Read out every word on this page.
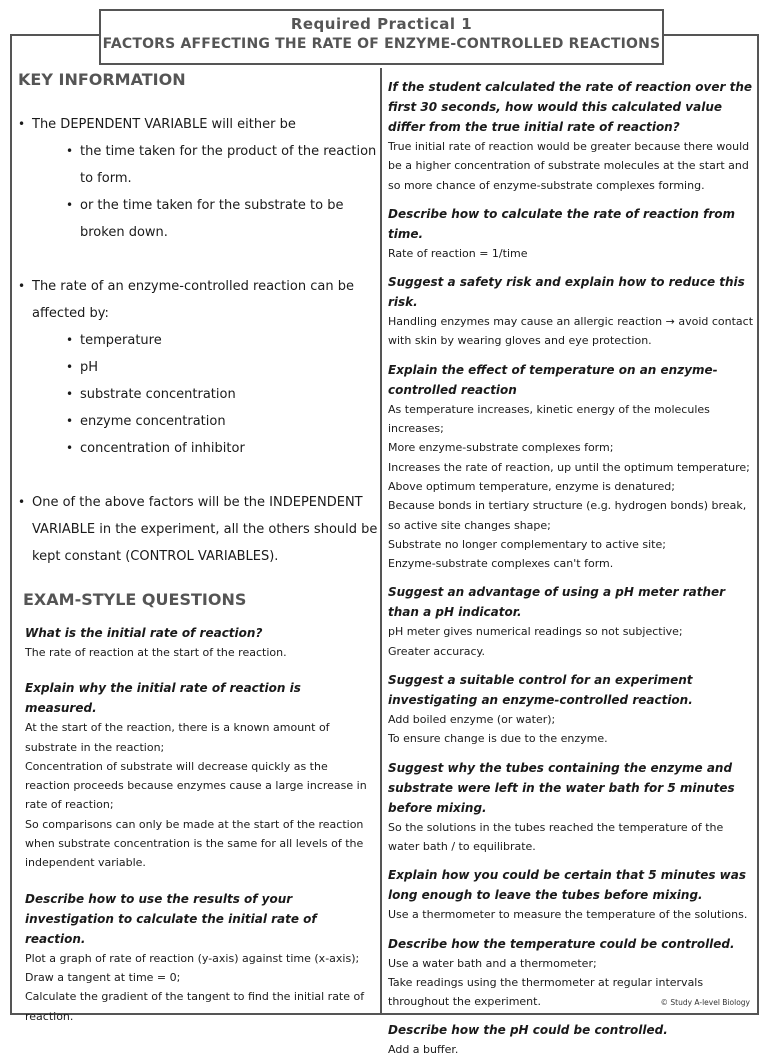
Required Practical 1
FACTORS AFFECTING THE RATE OF ENZYME-CONTROLLED REACTIONS
KEY INFORMATION
• The DEPENDENT VARIABLE will either be
• the time taken for the product of the reaction to form.
• or the time taken for the substrate to be broken down.
• The rate of an enzyme-controlled reaction can be affected by:
• temperature
• pH
• substrate concentration
• enzyme concentration
• concentration of inhibitor
• One of the above factors will be the INDEPENDENT VARIABLE in the experiment, all the others should be kept constant (CONTROL VARIABLES).
EXAM-STYLE QUESTIONS
What is the initial rate of reaction?
The rate of reaction at the start of the reaction.
Explain why the initial rate of reaction is measured.
At the start of the reaction, there is a known amount of substrate in the reaction;
Concentration of substrate will decrease quickly as the reaction proceeds because enzymes cause a large increase in rate of reaction;
So comparisons can only be made at the start of the reaction when substrate concentration is the same for all levels of the independent variable.
Describe how to use the results of your investigation to calculate the initial rate of reaction.
Plot a graph of rate of reaction (y-axis) against time (x-axis);
Draw a tangent at time = 0;
Calculate the gradient of the tangent to find the initial rate of reaction.
If the student calculated the rate of reaction over the first 30 seconds, how would this calculated value differ from the true initial rate of reaction?
True initial rate of reaction would be greater because there would be a higher concentration of substrate molecules at the start and so more chance of enzyme-substrate complexes forming.
Describe how to calculate the rate of reaction from time.
Rate of reaction = 1/time
Suggest a safety risk and explain how to reduce this risk.
Handling enzymes may cause an allergic reaction → avoid contact with skin by wearing gloves and eye protection.
Explain the effect of temperature on an enzyme-controlled reaction
As temperature increases, kinetic energy of the molecules increases;
More enzyme-substrate complexes form;
Increases the rate of reaction, up until the optimum temperature;
Above optimum temperature, enzyme is denatured;
Because bonds in tertiary structure (e.g. hydrogen bonds) break, so active site changes shape;
Substrate no longer complementary to active site;
Enzyme-substrate complexes can't form.
Suggest an advantage of using a pH meter rather than a pH indicator.
pH meter gives numerical readings so not subjective;
Greater accuracy.
Suggest a suitable control for an experiment investigating an enzyme-controlled reaction.
Add boiled enzyme (or water);
To ensure change is due to the enzyme.
Suggest why the tubes containing the enzyme and substrate were left in the water bath for 5 minutes before mixing.
So the solutions in the tubes reached the temperature of the water bath / to equilibrate.
Explain how you could be certain that 5 minutes was long enough to leave the tubes before mixing.
Use a thermometer to measure the temperature of the solutions.
Describe how the temperature could be controlled.
Use a water bath and a thermometer;
Take readings using the thermometer at regular intervals throughout the experiment.
Describe how the pH could be controlled.
Add a buffer.
© Study A-level Biology
